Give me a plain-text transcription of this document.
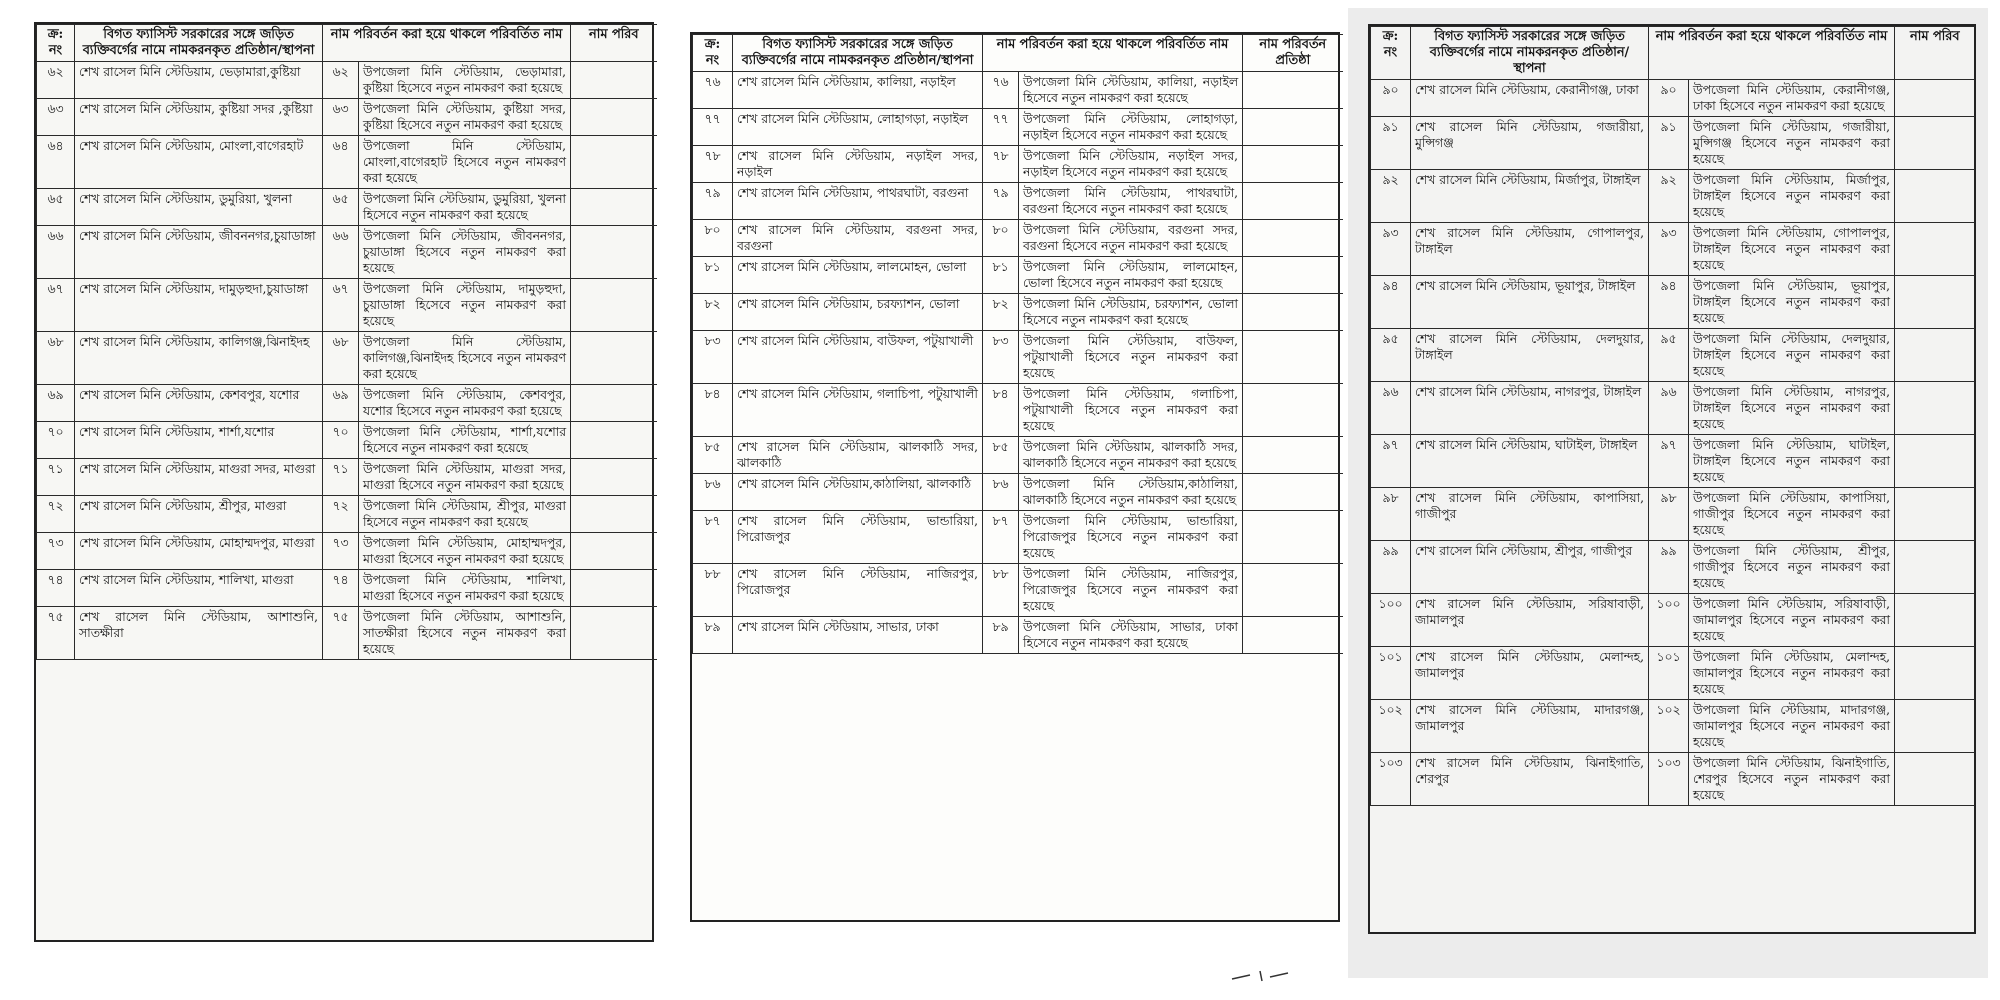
ক্র: নং	বিগত ফ্যাসিস্ট সরকারের সঙ্গে জড়িত ব্যক্তিবর্গের নামে নামকরনকৃত প্রতিষ্ঠান/স্থাপনা	নাম পরিবর্তন করা হয়ে থাকলে পরিবর্তিত নাম		নাম পরিব
৬২	শেখ রাসেল মিনি স্টেডিয়াম, ভেড়ামারা,কুষ্টিয়া	৬২	উপজেলা মিনি স্টেডিয়াম, ভেড়ামারা, কুষ্টিয়া হিসেবে নতুন নামকরণ করা হয়েছে	
৬৩	শেখ রাসেল মিনি স্টেডিয়াম, কুষ্টিয়া সদর ,কুষ্টিয়া	৬৩	উপজেলা মিনি স্টেডিয়াম, কুষ্টিয়া সদর, কুষ্টিয়া হিসেবে নতুন নামকরণ করা হয়েছে	
৬৪	শেখ রাসেল মিনি স্টেডিয়াম, মোংলা,বাগেরহাট	৬৪	উপজেলা মিনি স্টেডিয়াম, মোংলা,বাগেরহাট হিসেবে নতুন নামকরণ করা হয়েছে	
৬৫	শেখ রাসেল মিনি স্টেডিয়াম, ডুমুরিয়া, খুলনা	৬৫	উপজেলা মিনি স্টেডিয়াম, ডুমুরিয়া, খুলনা হিসেবে নতুন নামকরণ করা হয়েছে	
৬৬	শেখ রাসেল মিনি স্টেডিয়াম, জীবননগর,চুয়াডাঙ্গা	৬৬	উপজেলা মিনি স্টেডিয়াম, জীবননগর, চুয়াডাঙ্গা হিসেবে নতুন নামকরণ করা হয়েছে	
৬৭	শেখ রাসেল মিনি স্টেডিয়াম, দামুড়হুদা,চুয়াডাঙ্গা	৬৭	উপজেলা মিনি স্টেডিয়াম, দামুড়হুদা, চুয়াডাঙ্গা হিসেবে নতুন নামকরণ করা হয়েছে	
৬৮	শেখ রাসেল মিনি স্টেডিয়াম, কালিগঞ্জ,ঝিনাইদহ	৬৮	উপজেলা মিনি স্টেডিয়াম, কালিগঞ্জ,ঝিনাইদহ হিসেবে নতুন নামকরণ করা হয়েছে	
৬৯	শেখ রাসেল মিনি স্টেডিয়াম, কেশবপুর, যশোর	৬৯	উপজেলা মিনি স্টেডিয়াম, কেশবপুর, যশোর হিসেবে নতুন নামকরণ করা হয়েছে	
৭০	শেখ রাসেল মিনি স্টেডিয়াম, শার্শা,যশোর	৭০	উপজেলা মিনি স্টেডিয়াম, শার্শা,যশোর হিসেবে নতুন নামকরণ করা হয়েছে	
৭১	শেখ রাসেল মিনি স্টেডিয়াম, মাগুরা সদর, মাগুরা	৭১	উপজেলা মিনি স্টেডিয়াম, মাগুরা সদর, মাগুরা হিসেবে নতুন নামকরণ করা হয়েছে	
৭২	শেখ রাসেল মিনি স্টেডিয়াম, শ্রীপুর, মাগুরা	৭২	উপজেলা মিনি স্টেডিয়াম, শ্রীপুর, মাগুরা হিসেবে নতুন নামকরণ করা হয়েছে	
৭৩	শেখ রাসেল মিনি স্টেডিয়াম, মোহাম্মদপুর, মাগুরা	৭৩	উপজেলা মিনি স্টেডিয়াম, মোহাম্মদপুর, মাগুরা হিসেবে নতুন নামকরণ করা হয়েছে	
৭৪	শেখ রাসেল মিনি স্টেডিয়াম, শালিখা, মাগুরা	৭৪	উপজেলা মিনি স্টেডিয়াম, শালিখা, মাগুরা হিসেবে নতুন নামকরণ করা হয়েছে	
৭৫	শেখ রাসেল মিনি স্টেডিয়াম, আশাশুনি, সাতক্ষীরা	৭৫	উপজেলা মিনি স্টেডিয়াম, আশাশুনি, সাতক্ষীরা হিসেবে নতুন নামকরণ করা হয়েছে	
ক্র: নং	বিগত ফ্যাসিস্ট সরকারের সঙ্গে জড়িত ব্যক্তিবর্গের নামে নামকরনকৃত প্রতিষ্ঠান/স্থাপনা	নাম পরিবর্তন করা হয়ে থাকলে পরিবর্তিত নাম		নাম পরিবর্তন প্রতিষ্ঠা
৭৬	শেখ রাসেল মিনি স্টেডিয়াম, কালিয়া, নড়াইল	৭৬	উপজেলা মিনি স্টেডিয়াম, কালিয়া, নড়াইল হিসেবে নতুন নামকরণ করা হয়েছে	
৭৭	শেখ রাসেল মিনি স্টেডিয়াম, লোহাগড়া, নড়াইল	৭৭	উপজেলা মিনি স্টেডিয়াম, লোহাগড়া, নড়াইল হিসেবে নতুন নামকরণ করা হয়েছে	
৭৮	শেখ রাসেল মিনি স্টেডিয়াম, নড়াইল সদর, নড়াইল	৭৮	উপজেলা মিনি স্টেডিয়াম, নড়াইল সদর, নড়াইল হিসেবে নতুন নামকরণ করা হয়েছে	
৭৯	শেখ রাসেল মিনি স্টেডিয়াম, পাথরঘাটা, বরগুনা	৭৯	উপজেলা মিনি স্টেডিয়াম, পাথরঘাটা, বরগুনা হিসেবে নতুন নামকরণ করা হয়েছে	
৮০	শেখ রাসেল মিনি স্টেডিয়াম, বরগুনা সদর, বরগুনা	৮০	উপজেলা মিনি স্টেডিয়াম, বরগুনা সদর, বরগুনা হিসেবে নতুন নামকরণ করা হয়েছে	
৮১	শেখ রাসেল মিনি স্টেডিয়াম, লালমোহন, ভোলা	৮১	উপজেলা মিনি স্টেডিয়াম, লালমোহন, ভোলা হিসেবে নতুন নামকরণ করা হয়েছে	
৮২	শেখ রাসেল মিনি স্টেডিয়াম, চরফ্যাশন, ভোলা	৮২	উপজেলা মিনি স্টেডিয়াম, চরফ্যাশন, ভোলা হিসেবে নতুন নামকরণ করা হয়েছে	
৮৩	শেখ রাসেল মিনি স্টেডিয়াম, বাউফল, পটুয়াখালী	৮৩	উপজেলা মিনি স্টেডিয়াম, বাউফল, পটুয়াখালী হিসেবে নতুন নামকরণ করা হয়েছে	
৮৪	শেখ রাসেল মিনি স্টেডিয়াম, গলাচিপা, পটুয়াখালী	৮৪	উপজেলা মিনি স্টেডিয়াম, গলাচিপা, পটুয়াখালী হিসেবে নতুন নামকরণ করা হয়েছে	
৮৫	শেখ রাসেল মিনি স্টেডিয়াম, ঝালকাঠি সদর, ঝালকাঠি	৮৫	উপজেলা মিনি স্টেডিয়াম, ঝালকাঠি সদর, ঝালকাঠি হিসেবে নতুন নামকরণ করা হয়েছে	
৮৬	শেখ রাসেল মিনি স্টেডিয়াম,কাঠালিয়া, ঝালকাঠি	৮৬	উপজেলা মিনি স্টেডিয়াম,কাঠালিয়া, ঝালকাঠি হিসেবে নতুন নামকরণ করা হয়েছে	
৮৭	শেখ রাসেল মিনি স্টেডিয়াম, ভান্ডারিয়া, পিরোজপুর	৮৭	উপজেলা মিনি স্টেডিয়াম, ভান্ডারিয়া, পিরোজপুর হিসেবে নতুন নামকরণ করা হয়েছে	
৮৮	শেখ রাসেল মিনি স্টেডিয়াম, নাজিরপুর, পিরোজপুর	৮৮	উপজেলা মিনি স্টেডিয়াম, নাজিরপুর, পিরোজপুর হিসেবে নতুন নামকরণ করা হয়েছে	
৮৯	শেখ রাসেল মিনি স্টেডিয়াম, সাভার, ঢাকা	৮৯	উপজেলা মিনি স্টেডিয়াম, সাভার, ঢাকা হিসেবে নতুন নামকরণ করা হয়েছে	
ক্র: নং	বিগত ফ্যাসিস্ট সরকারের সঙ্গে জড়িত ব্যক্তিবর্গের নামে নামকরনকৃত প্রতিষ্ঠান/স্থাপনা	নাম পরিবর্তন করা হয়ে থাকলে পরিবর্তিত নাম		নাম পরিব
৯০	শেখ রাসেল মিনি স্টেডিয়াম, কেরানীগঞ্জ, ঢাকা	৯০	উপজেলা মিনি স্টেডিয়াম, কেরানীগঞ্জ, ঢাকা হিসেবে নতুন নামকরণ করা হয়েছে	
৯১	শেখ রাসেল মিনি স্টেডিয়াম, গজারীয়া, মুন্সিগঞ্জ	৯১	উপজেলা মিনি স্টেডিয়াম, গজারীয়া, মুন্সিগঞ্জ হিসেবে নতুন নামকরণ করা হয়েছে	
৯২	শেখ রাসেল মিনি স্টেডিয়াম, মির্জাপুর, টাঙ্গাইল	৯২	উপজেলা মিনি স্টেডিয়াম, মির্জাপুর, টাঙ্গাইল হিসেবে নতুন নামকরণ করা হয়েছে	
৯৩	শেখ রাসেল মিনি স্টেডিয়াম, গোপালপুর, টাঙ্গাইল	৯৩	উপজেলা মিনি স্টেডিয়াম, গোপালপুর, টাঙ্গাইল হিসেবে নতুন নামকরণ করা হয়েছে	
৯৪	শেখ রাসেল মিনি স্টেডিয়াম, ভূয়াপুর, টাঙ্গাইল	৯৪	উপজেলা মিনি স্টেডিয়াম, ভূয়াপুর, টাঙ্গাইল হিসেবে নতুন নামকরণ করা হয়েছে	
৯৫	শেখ রাসেল মিনি স্টেডিয়াম, দেলদুয়ার, টাঙ্গাইল	৯৫	উপজেলা মিনি স্টেডিয়াম, দেলদুয়ার, টাঙ্গাইল হিসেবে নতুন নামকরণ করা হয়েছে	
৯৬	শেখ রাসেল মিনি স্টেডিয়াম, নাগরপুর, টাঙ্গাইল	৯৬	উপজেলা মিনি স্টেডিয়াম, নাগরপুর, টাঙ্গাইল হিসেবে নতুন নামকরণ করা হয়েছে	
৯৭	শেখ রাসেল মিনি স্টেডিয়াম, ঘাটাইল, টাঙ্গাইল	৯৭	উপজেলা মিনি স্টেডিয়াম, ঘাটাইল, টাঙ্গাইল হিসেবে নতুন নামকরণ করা হয়েছে	
৯৮	শেখ রাসেল মিনি স্টেডিয়াম, কাপাসিয়া, গাজীপুর	৯৮	উপজেলা মিনি স্টেডিয়াম, কাপাসিয়া, গাজীপুর হিসেবে নতুন নামকরণ করা হয়েছে	
৯৯	শেখ রাসেল মিনি স্টেডিয়াম, শ্রীপুর, গাজীপুর	৯৯	উপজেলা মিনি স্টেডিয়াম, শ্রীপুর, গাজীপুর হিসেবে নতুন নামকরণ করা হয়েছে	
১০০	শেখ রাসেল মিনি স্টেডিয়াম, সরিষাবাড়ী, জামালপুর	১০০	উপজেলা মিনি স্টেডিয়াম, সরিষাবাড়ী, জামালপুর হিসেবে নতুন নামকরণ করা হয়েছে	
১০১	শেখ রাসেল মিনি স্টেডিয়াম, মেলান্দহ, জামালপুর	১০১	উপজেলা মিনি স্টেডিয়াম, মেলান্দহ, জামালপুর হিসেবে নতুন নামকরণ করা হয়েছে	
১০২	শেখ রাসেল মিনি স্টেডিয়াম, মাদারগঞ্জ, জামালপুর	১০২	উপজেলা মিনি স্টেডিয়াম, মাদারগঞ্জ, জামালপুর হিসেবে নতুন নামকরণ করা হয়েছে	
১০৩	শেখ রাসেল মিনি স্টেডিয়াম, ঝিনাইগাতি, শেরপুর	১০৩	উপজেলা মিনি স্টেডিয়াম, ঝিনাইগাতি, শেরপুর হিসেবে নতুন নামকরণ করা হয়েছে	
